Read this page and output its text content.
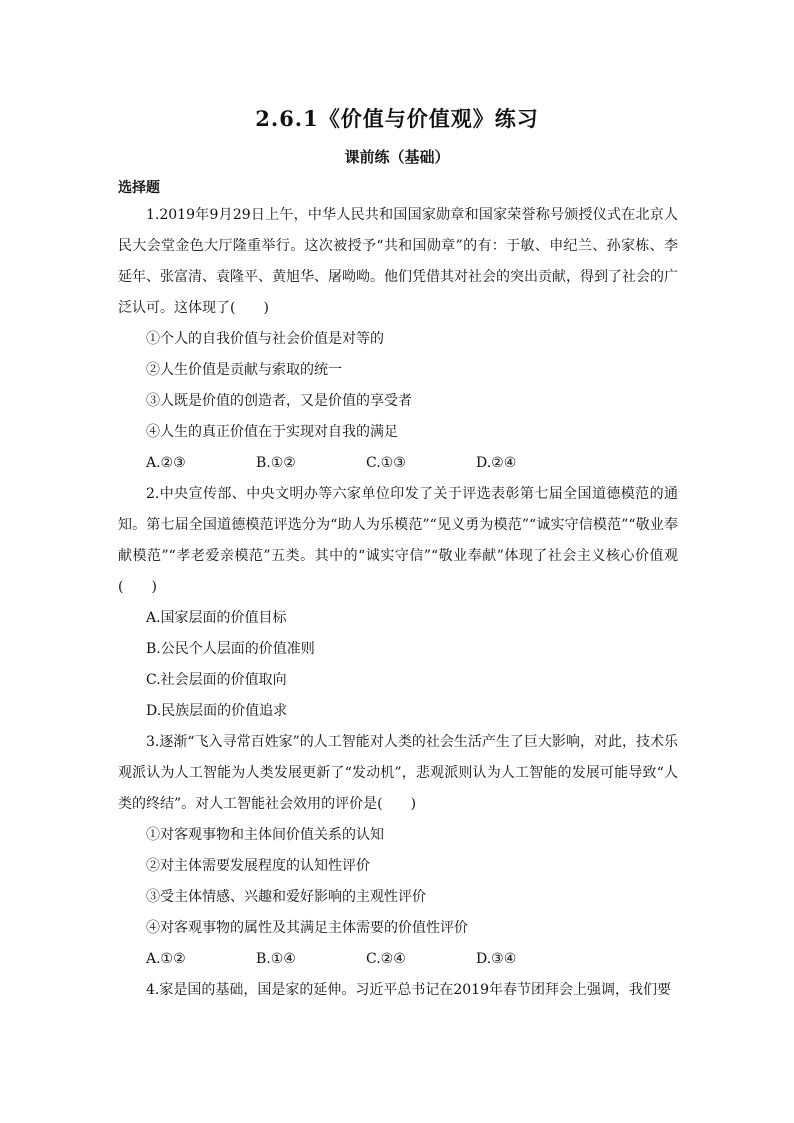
2.6.1《价值与价值观》练习
课前练（基础）
选择题

1.2019年9月29日上午，中华人民共和国国家勋章和国家荣誉称号颁授仪式在北京人民大会堂金色大厅隆重举行。这次被授予“共和国勋章”的有：于敏、申纪兰、孙家栋、李延年、张富清、袁隆平、黄旭华、屠呦呦。他们凭借其对社会的突出贡献，得到了社会的广泛认可。这体现了(　　)

①个人的自我价值与社会价值是对等的

②人生价值是贡献与索取的统一

③人既是价值的创造者，又是价值的享受者

④人生的真正价值在于实现对自我的满足

A.②③	B.①②	C.①③	D.②④

2.中央宣传部、中央文明办等六家单位印发了关于评选表彰第七届全国道德模范的通知。第七届全国道德模范评选分为“助人为乐模范”“见义勇为模范”“诚实守信模范”“敬业奉献模范”“孝老爱亲模范”五类。其中的“诚实守信”“敬业奉献”体现了社会主义核心价值观(　　)

A.国家层面的价值目标

B.公民个人层面的价值准则

C.社会层面的价值取向

D.民族层面的价值追求

3.逐渐“飞入寻常百姓家”的人工智能对人类的社会生活产生了巨大影响，对此，技术乐观派认为人工智能为人类发展更新了“发动机”，悲观派则认为人工智能的发展可能导致“人类的终结”。对人工智能社会效用的评价是(　　)

①对客观事物和主体间价值关系的认知

②对主体需要发展程度的认知性评价

③受主体情感、兴趣和爱好影响的主观性评价

④对客观事物的属性及其满足主体需要的价值性评价

A.①②	B.①④	C.②④	D.③④

4.家是国的基础，国是家的延伸。习近平总书记在2019年春节团拜会上强调，我们要
